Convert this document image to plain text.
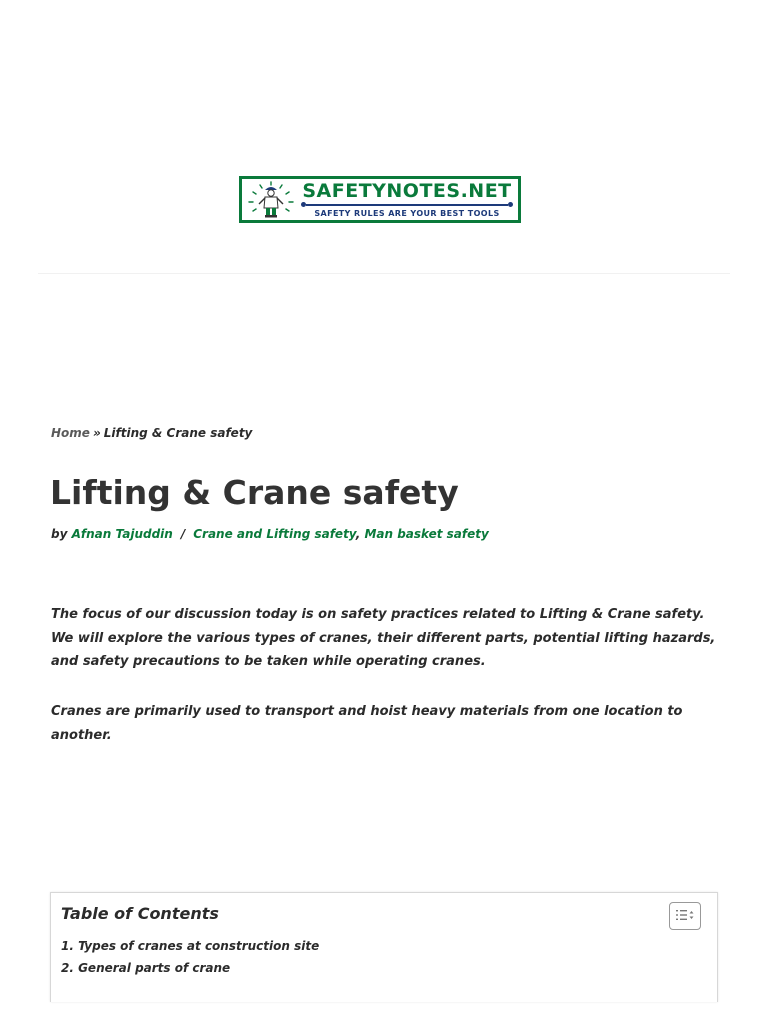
SAFETYNOTES.NET
SAFETY RULES ARE YOUR BEST TOOLS
Home » Lifting & Crane safety
Lifting & Crane safety
by Afnan Tajuddin / Crane and Lifting safety, Man basket safety

The focus of our discussion today is on safety practices related to Lifting & Crane safety. We will explore the various types of cranes, their different parts, potential lifting hazards, and safety precautions to be taken while operating cranes.

Cranes are primarily used to transport and hoist heavy materials from one location to another.

Table of Contents
1. Types of cranes at construction site
2. General parts of crane
